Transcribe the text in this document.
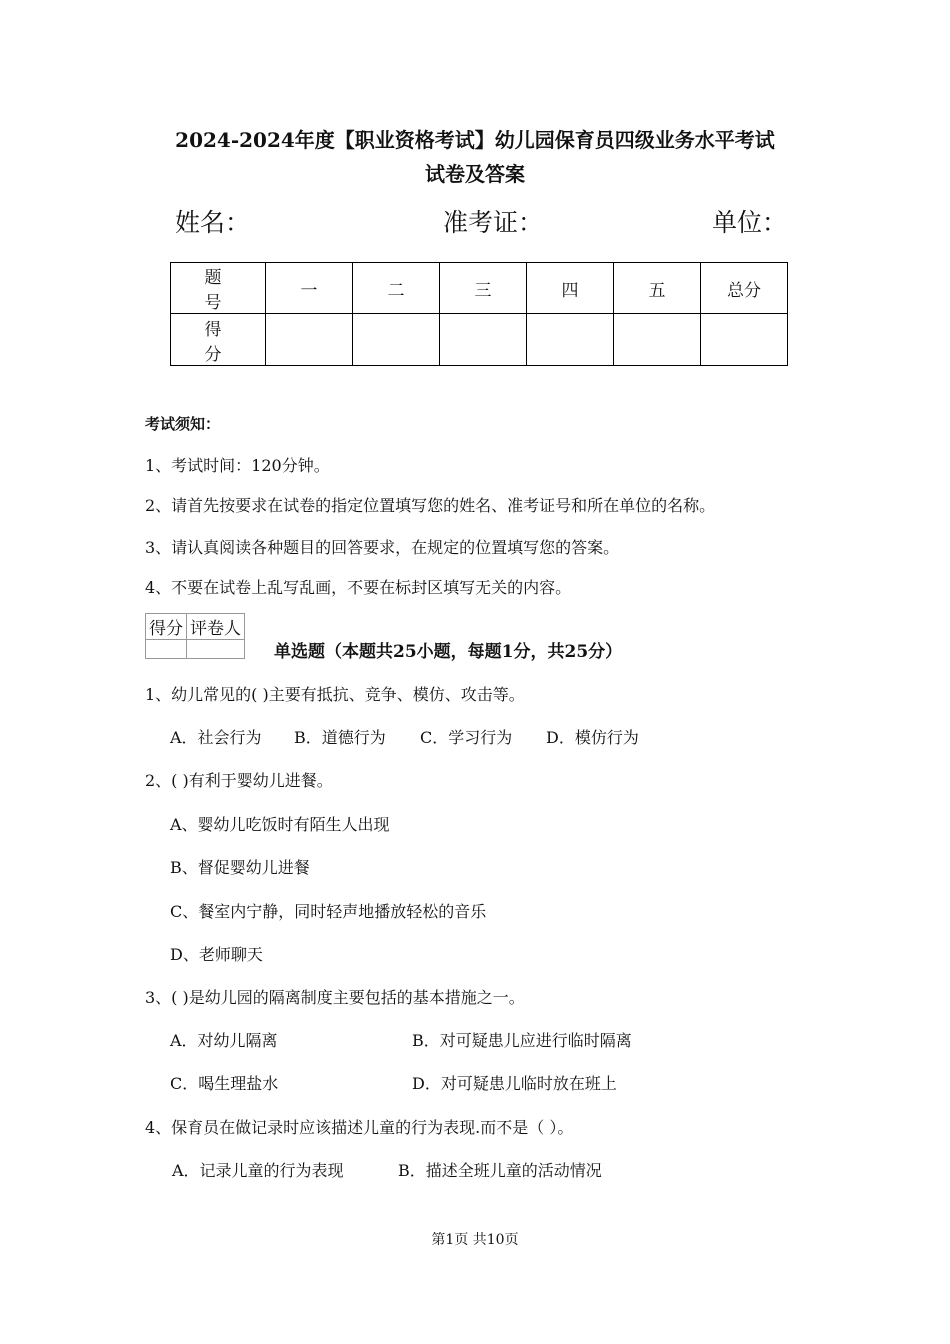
2024-2024年度【职业资格考试】幼儿园保育员四级业务水平考试
试卷及答案
姓名：	准考证：	单位：
题 号	一	二	三	四	五	总分
得 分						
考试须知：
1、考试时间：120分钟。
2、请首先按要求在试卷的指定位置填写您的姓名、准考证号和所在单位的名称。
3、请认真阅读各种题目的回答要求，在规定的位置填写您的答案。
4、不要在试卷上乱写乱画，不要在标封区填写无关的内容。
得分	评卷人

单选题（本题共25小题，每题1分，共25分）
1、幼儿常见的( )主要有抵抗、竞争、模仿、攻击等。
A．社会行为 B．道德行为 C．学习行为 D．模仿行为
2、( )有利于婴幼儿进餐。
A、婴幼儿吃饭时有陌生人出现
B、督促婴幼儿进餐
C、餐室内宁静，同时轻声地播放轻松的音乐
D、老师聊天
3、( )是幼儿园的隔离制度主要包括的基本措施之一。
A．对幼儿隔离	B．对可疑患儿应进行临时隔离
C．喝生理盐水	D．对可疑患儿临时放在班上
4、保育员在做记录时应该描述儿童的行为表现.而不是（ ）。
A．记录儿童的行为表现	B．描述全班儿童的活动情况
第1页 共10页
